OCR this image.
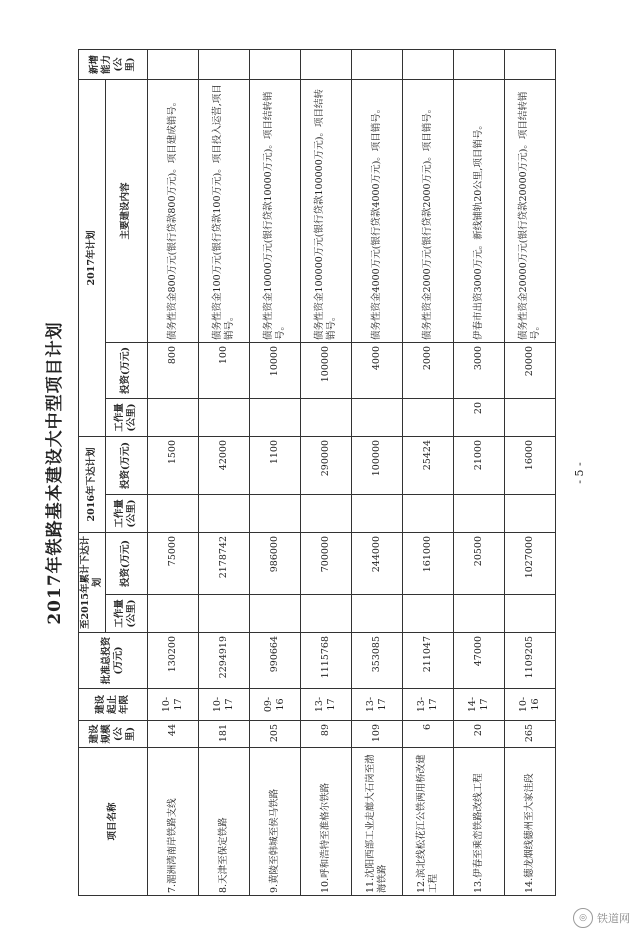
2017年铁路基本建设大中型项目计划
项目名称	建设规模(公里)	建设起止年限	批准总投资(万元)	至2015年累计下达计划		2016年下达计划		2017年计划			新增能力(公里)
				工作量(公里)	投资(万元)	工作量(公里)	投资(万元)	工作量(公里)	投资(万元)	主要建设内容	
7.湄洲湾南岸铁路支线	44	10-17	130200		75000		1500		800	债务性资金800万元(银行贷款800万元)。项目建成销号。	
8.天津至保定铁路	181	10-17	2294919		2178742		42000		100	债务性资金100万元(银行贷款100万元)。项目投入运营,项目销号。	
9.黄陵至韩城至侯马铁路	205	09-16	990664		986000		1100		10000	债务性资金10000万元(银行贷款10000万元)。项目结转销号。	
10.呼和浩特至准格尔铁路	89	13-17	1115768		700000		290000		100000	债务性资金100000万元(银行贷款100000万元)。项目结转销号。	
11.沈阳西部工业走廊大石岗至渤海铁路	109	13-17	353085		244000		100000		4000	债务性资金4000万元(银行贷款4000万元)。项目销号。	
12.滨北线松花江公铁两用桥改建工程	6	13-17	211047		161000		25424		2000	债务性资金2000万元(银行贷款2000万元)。项目销号。	
13.伊春至乘峦铁路改线工程	20	14-17	47000		20500		21000	20	3000	伊春市出资3000万元。新线铺轨20公里,项目销号。	
14.德龙烟线德州至大家洼段	265	10-16	1109205		1027000		16000		20000	债务性资金20000万元(银行贷款20000万元)。项目结转销号。	
- 5 -
◎ 铁道网
